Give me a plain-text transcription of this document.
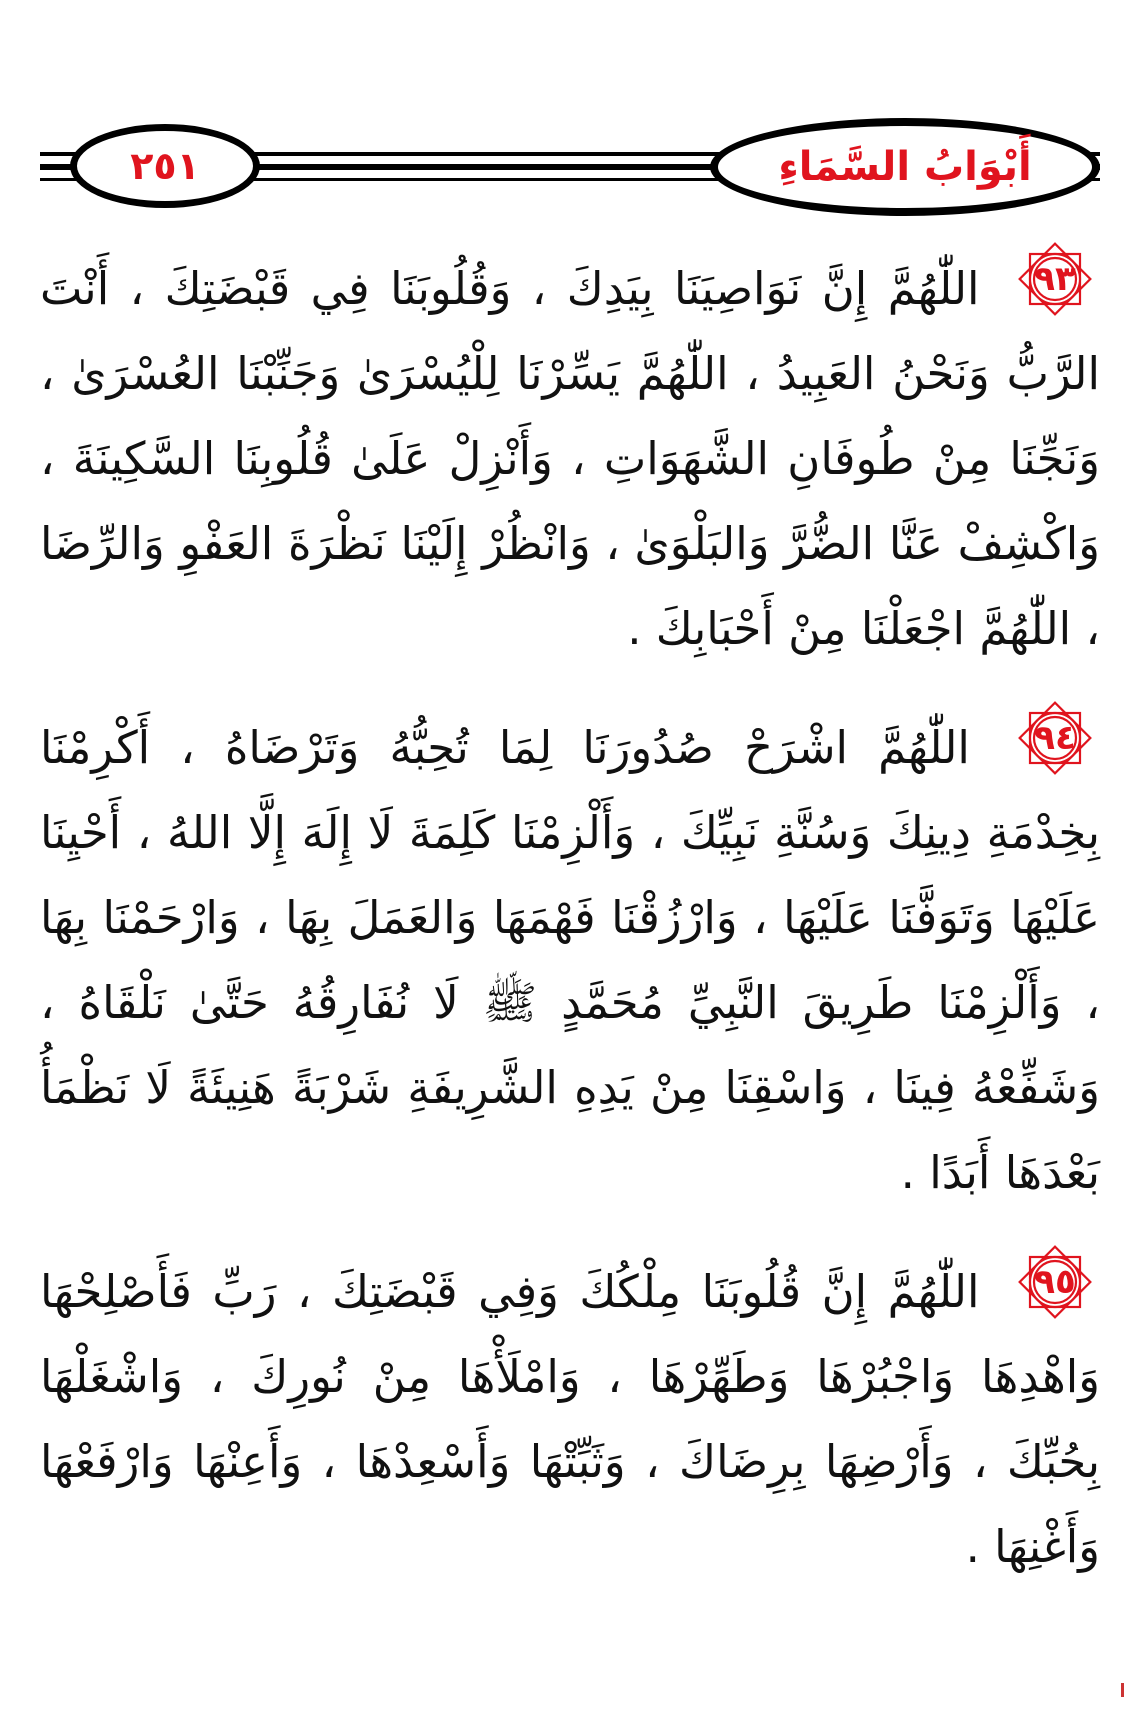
٢٥١	أَبْوَابُ السَّمَاءِ

٩٣
اللّٰهُمَّ إِنَّ نَوَاصِيَنَا بِيَدِكَ ، وَقُلُوبَنَا فِي قَبْضَتِكَ ، أَنْتَ الرَّبُّ وَنَحْنُ العَبِيدُ ، اللّٰهُمَّ يَسِّرْنَا لِلْيُسْرَىٰ وَجَنِّبْنَا العُسْرَىٰ ، وَنَجِّنَا مِنْ طُوفَانِ الشَّهَوَاتِ ، وَأَنْزِلْ عَلَىٰ قُلُوبِنَا السَّكِينَةَ ، وَاكْشِفْ عَنَّا الضُّرَّ وَالبَلْوَىٰ ، وَانْظُرْ إِلَيْنَا نَظْرَةَ العَفْوِ وَالرِّضَا ، اللّٰهُمَّ اجْعَلْنَا مِنْ أَحْبَابِكَ .

٩٤
اللّٰهُمَّ اشْرَحْ صُدُورَنَا لِمَا تُحِبُّهُ وَتَرْضَاهُ ، أَكْرِمْنَا بِخِدْمَةِ دِينِكَ وَسُنَّةِ نَبِيِّكَ ، وَأَلْزِمْنَا كَلِمَةَ لَا إِلَهَ إِلَّا اللهُ ، أَحْيِنَا عَلَيْهَا وَتَوَفَّنَا عَلَيْهَا ، وَارْزُقْنَا فَهْمَهَا وَالعَمَلَ بِهَا ، وَارْحَمْنَا بِهَا ، وَأَلْزِمْنَا طَرِيقَ النَّبِيِّ مُحَمَّدٍ ﷺ لَا نُفَارِقُهُ حَتَّىٰ نَلْقَاهُ ، وَشَفِّعْهُ فِينَا ، وَاسْقِنَا مِنْ يَدِهِ الشَّرِيفَةِ شَرْبَةً هَنِيئَةً لَا نَظْمَأُ بَعْدَهَا أَبَدًا .

٩٥
اللّٰهُمَّ إِنَّ قُلُوبَنَا مِلْكُكَ وَفِي قَبْضَتِكَ ، رَبِّ فَأَصْلِحْهَا وَاهْدِهَا وَاجْبُرْهَا وَطَهِّرْهَا ، وَامْلَأْهَا مِنْ نُورِكَ ، وَاشْغَلْهَا بِحُبِّكَ ، وَأَرْضِهَا بِرِضَاكَ ، وَثَبِّتْهَا وَأَسْعِدْهَا ، وَأَعِنْهَا وَارْفَعْهَا وَأَغْنِهَا .
